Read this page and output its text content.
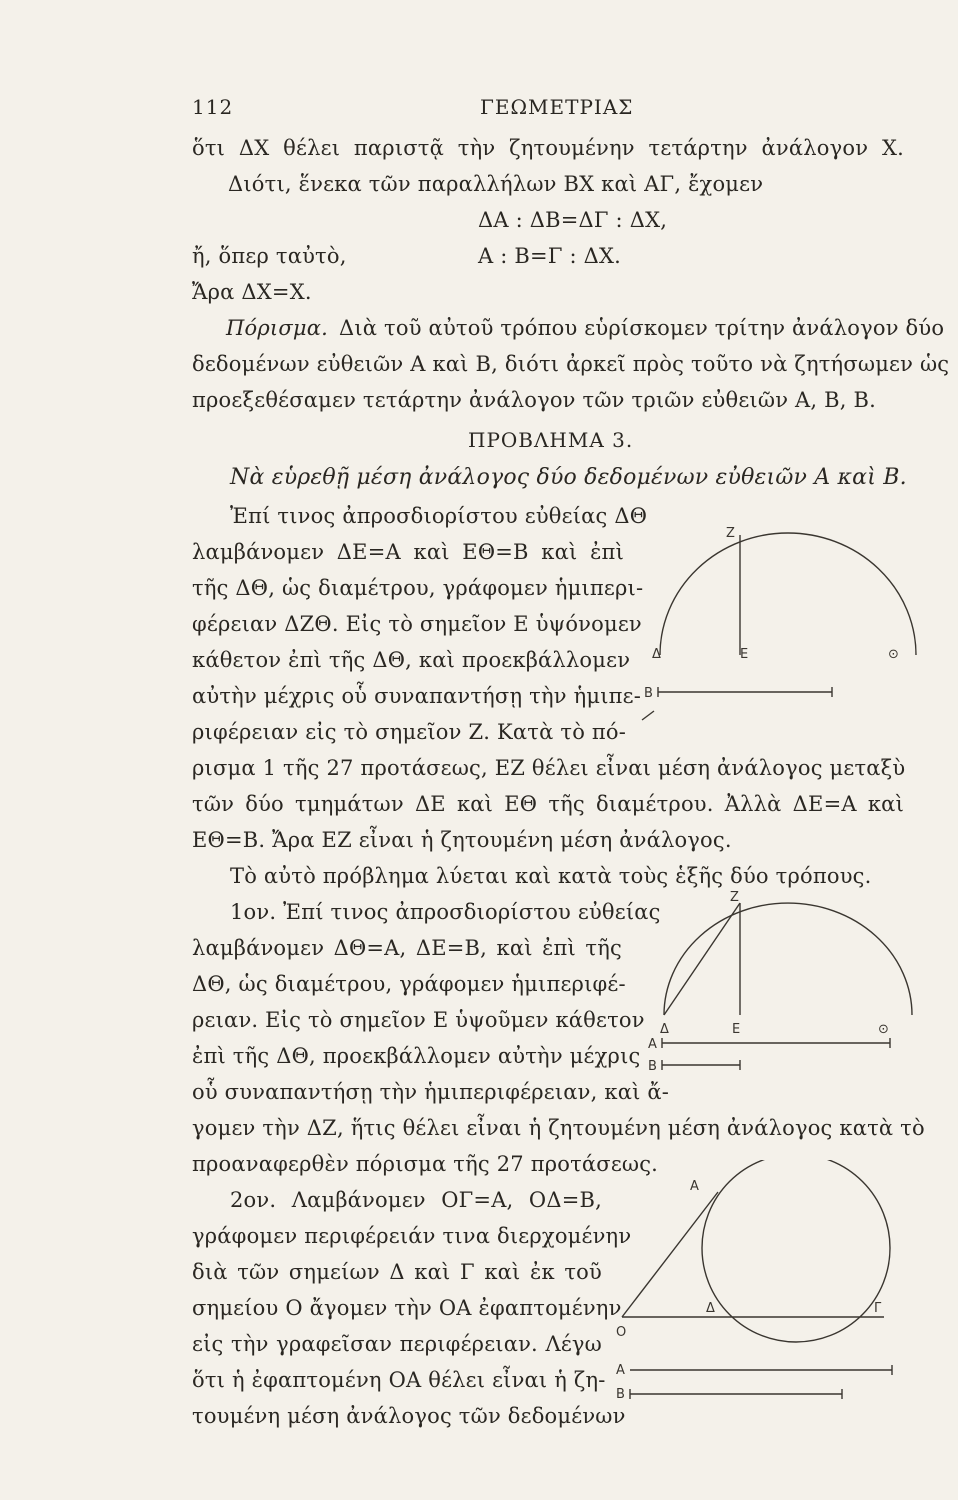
112	ΓΕΩΜΕΤΡΙΑΣ
ὅτι ΔΧ θέλει παριστᾷ τὴν ζητουμένην τετάρτην ἀνάλογον Χ.
Διότι, ἕνεκα τῶν παραλλήλων ΒΧ καὶ ΑΓ, ἔχομεν
ΔΑ : ΔΒ=ΔΓ : ΔΧ,
ἤ, ὅπερ ταὐτὸ,	Α : Β=Γ : ΔΧ.
Ἄρα ΔΧ=Χ.
Πόρισμα. Διὰ τοῦ αὐτοῦ τρόπου εὑρίσκομεν τρίτην ἀνάλογον δύο
δεδομένων εὐθειῶν Α καὶ Β, διότι ἀρκεῖ πρὸς τοῦτο νὰ ζητήσωμεν ὡς
προεξεθέσαμεν τετάρτην ἀνάλογον τῶν τριῶν εὐθειῶν Α, Β, Β.
ΠΡΟΒΛΗΜΑ 3.
Νὰ εὑρεθῇ μέση ἀνάλογος δύο δεδομένων εὐθειῶν Α καὶ Β.
Ἐπί τινος ἀπροσδιορίστου εὐθείας ΔΘ
λαμβάνομεν ΔΕ=Α καὶ ΕΘ=Β καὶ ἐπὶ
τῆς ΔΘ, ὡς διαμέτρου, γράφομεν ἡμιπερι-
φέρειαν ΔΖΘ. Εἰς τὸ σημεῖον Ε ὑψόνομεν
κάθετον ἐπὶ τῆς ΔΘ, καὶ προεκβάλλομεν
αὐτὴν μέχρις οὗ συναπαντήσῃ τὴν ἡμιπε-
ριφέρειαν εἰς τὸ σημεῖον Ζ. Κατὰ τὸ πό-
ρισμα 1 τῆς 27 προτάσεως, ΕΖ θέλει εἶναι μέση ἀνάλογος μεταξὺ
τῶν δύο τμημάτων ΔΕ καὶ ΕΘ τῆς διαμέτρου. Ἀλλὰ ΔΕ=Α καὶ
ΕΘ=Β. Ἄρα ΕΖ εἶναι ἡ ζητουμένη μέση ἀνάλογος.
Τὸ αὐτὸ πρόβλημα λύεται καὶ κατὰ τοὺς ἑξῆς δύο τρόπους.
1ον. Ἐπί τινος ἀπροσδιορίστου εὐθείας
λαμβάνομεν ΔΘ=Α, ΔΕ=Β, καὶ ἐπὶ τῆς
ΔΘ, ὡς διαμέτρου, γράφομεν ἡμιπεριφέ-
ρειαν. Εἰς τὸ σημεῖον Ε ὑψοῦμεν κάθετον
ἐπὶ τῆς ΔΘ, προεκβάλλομεν αὐτὴν μέχρις
οὗ συναπαντήσῃ τὴν ἡμιπεριφέρειαν, καὶ ἄ-
γομεν τὴν ΔΖ, ἥτις θέλει εἶναι ἡ ζητουμένη μέση ἀνάλογος κατὰ τὸ
προαναφερθὲν πόρισμα τῆς 27 προτάσεως.
2ον. Λαμβάνομεν ΟΓ=Α, ΟΔ=Β,
γράφομεν περιφέρειάν τινα διερχομένην
διὰ τῶν σημείων Δ καὶ Γ καὶ ἐκ τοῦ
σημείου Ο ἄγομεν τὴν ΟΑ ἐφαπτομένην
εἰς τὴν γραφεῖσαν περιφέρειαν. Λέγω
ὅτι ἡ ἐφαπτομένη ΟΑ θέλει εἶναι ἡ ζη-
τουμένη μέση ἀνάλογος τῶν δεδομένων
Z
Δ	E	⊙
B
Z
Δ	E	⊙
A
B
A
Δ
O
Γ
A
B
